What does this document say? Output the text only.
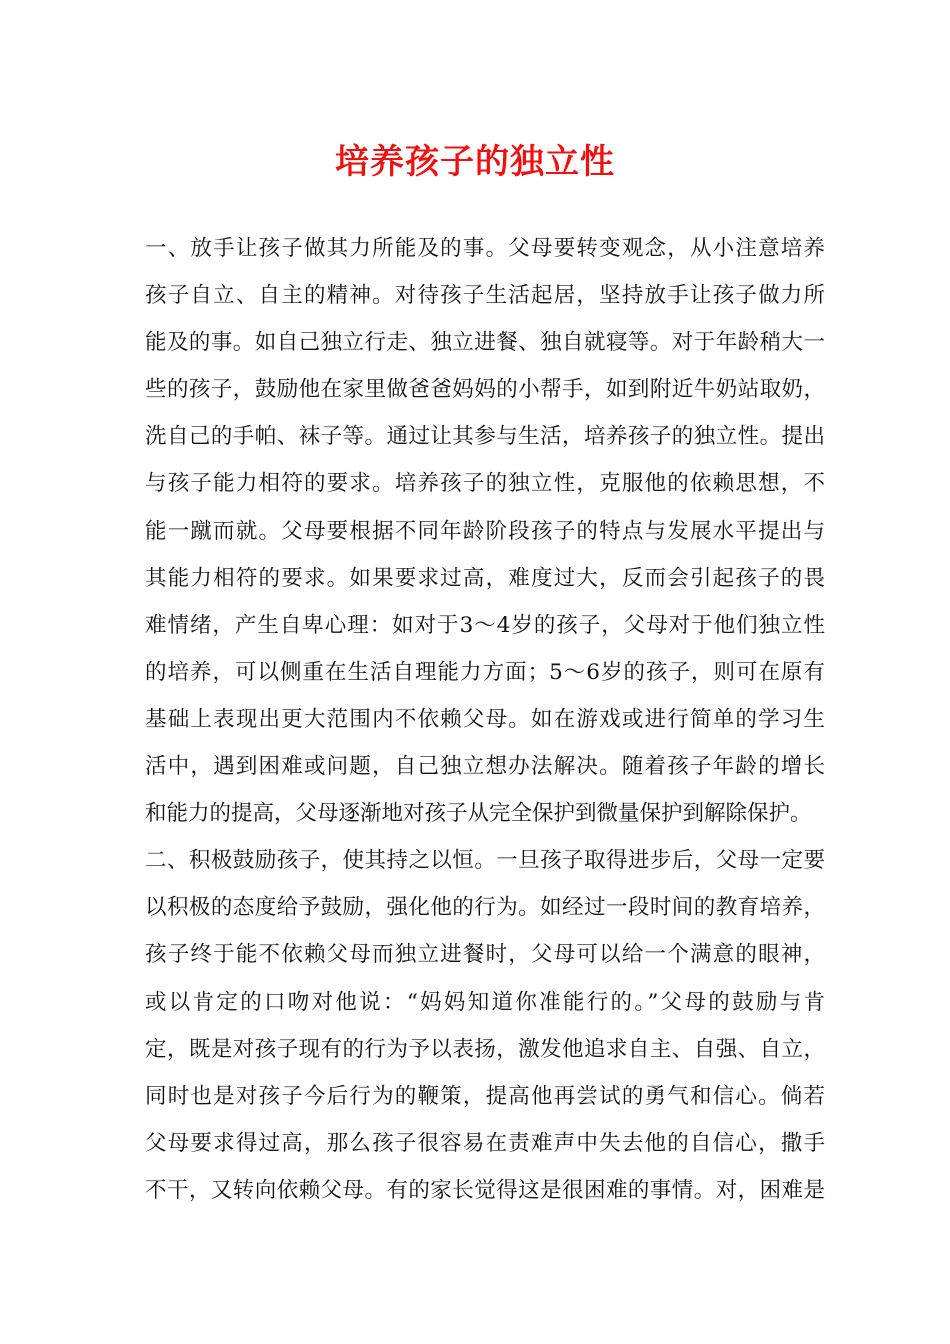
培养孩子的独立性
一、放手让孩子做其力所能及的事。父母要转变观念，从小注意培养
孩子自立、自主的精神。对待孩子生活起居，坚持放手让孩子做力所
能及的事。如自己独立行走、独立进餐、独自就寝等。对于年龄稍大一
些的孩子，鼓励他在家里做爸爸妈妈的小帮手，如到附近牛奶站取奶，
洗自己的手帕、袜子等。通过让其参与生活，培养孩子的独立性。提出
与孩子能力相符的要求。培养孩子的独立性，克服他的依赖思想，不
能一蹴而就。父母要根据不同年龄阶段孩子的特点与发展水平提出与
其能力相符的要求。如果要求过高，难度过大，反而会引起孩子的畏
难情绪，产生自卑心理：如对于3～4岁的孩子，父母对于他们独立性
的培养，可以侧重在生活自理能力方面；5～6岁的孩子，则可在原有
基础上表现出更大范围内不依赖父母。如在游戏或进行简单的学习生
活中，遇到困难或问题，自己独立想办法解决。随着孩子年龄的增长
和能力的提高，父母逐渐地对孩子从完全保护到微量保护到解除保护。
二、积极鼓励孩子，使其持之以恒。一旦孩子取得进步后，父母一定要
以积极的态度给予鼓励，强化他的行为。如经过一段时间的教育培养，
孩子终于能不依赖父母而独立进餐时，父母可以给一个满意的眼神，
或以肯定的口吻对他说：“妈妈知道你准能行的。”父母的鼓励与肯
定，既是对孩子现有的行为予以表扬，激发他追求自主、自强、自立，
同时也是对孩子今后行为的鞭策，提高他再尝试的勇气和信心。倘若
父母要求得过高，那么孩子很容易在责难声中失去他的自信心，撒手
不干，又转向依赖父母。有的家长觉得这是很困难的事情。对，困难是
